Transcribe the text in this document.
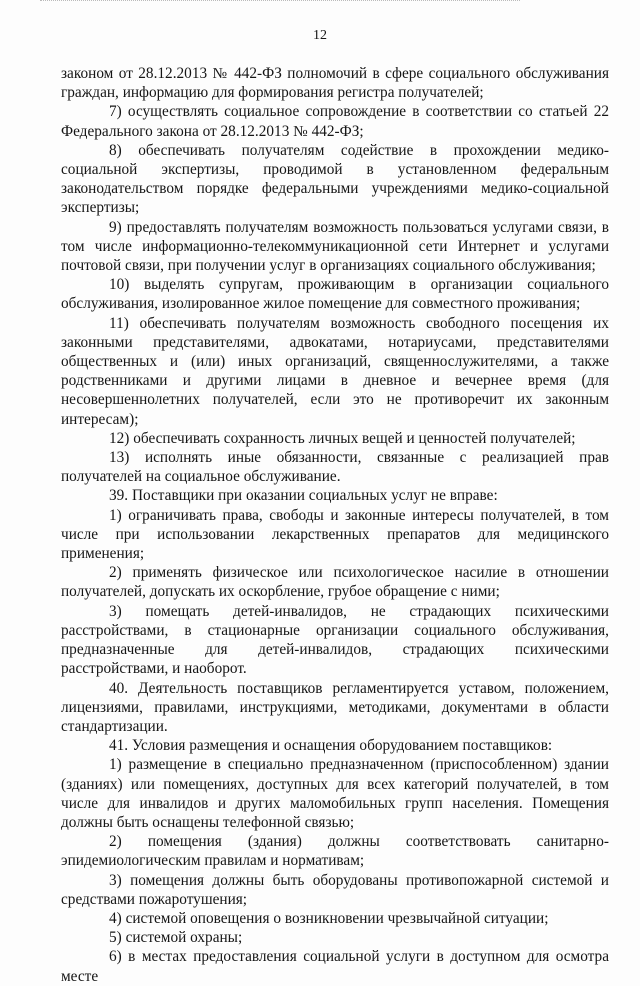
12

законом от 28.12.2013 № 442-ФЗ полномочий в сфере социального обслуживания граждан, информацию для формирования регистра получателей;

7) осуществлять социальное сопровождение в соответствии со статьей 22 Федерального закона от 28.12.2013 № 442-ФЗ;

8) обеспечивать получателям содействие в прохождении медико-социальной экспертизы, проводимой в установленном федеральным законодательством порядке федеральными учреждениями медико-социальной экспертизы;

9) предоставлять получателям возможность пользоваться услугами связи, в том числе информационно-телекоммуникационной сети Интернет и услугами почтовой связи, при получении услуг в организациях социального обслуживания;

10) выделять супругам, проживающим в организации социального обслуживания, изолированное жилое помещение для совместного проживания;

11) обеспечивать получателям возможность свободного посещения их законными представителями, адвокатами, нотариусами, представителями общественных и (или) иных организаций, священнослужителями, а также родственниками и другими лицами в дневное и вечернее время (для несовершеннолетних получателей, если это не противоречит их законным интересам);

12) обеспечивать сохранность личных вещей и ценностей получателей;

13) исполнять иные обязанности, связанные с реализацией прав получателей на социальное обслуживание.

39. Поставщики при оказании социальных услуг не вправе:

1) ограничивать права, свободы и законные интересы получателей, в том числе при использовании лекарственных препаратов для медицинского применения;

2) применять физическое или психологическое насилие в отношении получателей, допускать их оскорбление, грубое обращение с ними;

3) помещать детей-инвалидов, не страдающих психическими расстройствами, в стационарные организации социального обслуживания, предназначенные для детей-инвалидов, страдающих психическими расстройствами, и наоборот.

40. Деятельность поставщиков регламентируется уставом, положением, лицензиями, правилами, инструкциями, методиками, документами в области стандартизации.

41. Условия размещения и оснащения оборудованием поставщиков:

1) размещение в специально предназначенном (приспособленном) здании (зданиях) или помещениях, доступных для всех категорий получателей, в том числе для инвалидов и других маломобильных групп населения. Помещения должны быть оснащены телефонной связью;

2) помещения (здания) должны соответствовать санитарно-эпидемиологическим правилам и нормативам;

3) помещения должны быть оборудованы противопожарной системой и средствами пожаротушения;

4) системой оповещения о возникновении чрезвычайной ситуации;

5) системой охраны;

6) в местах предоставления социальной услуги в доступном для осмотра месте
